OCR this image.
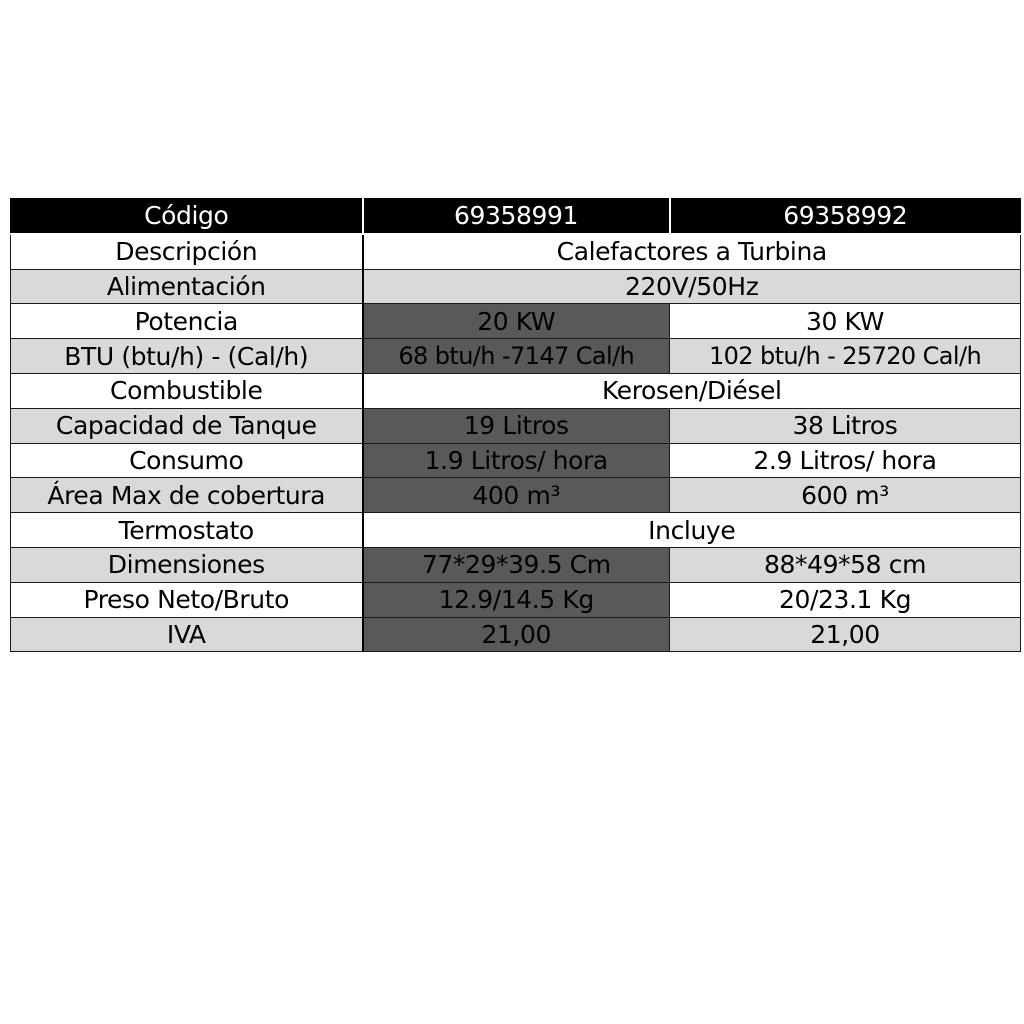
Código	69358991	69358992
Descripción	Calefactores a Turbina	
Alimentación	220V/50Hz	
Potencia	20 KW	30 KW
BTU (btu/h) - (Cal/h)	68 btu/h -7147 Cal/h	102 btu/h - 25720 Cal/h
Combustible	Kerosen/Diésel	
Capacidad de Tanque	19 Litros	38 Litros
Consumo	1.9 Litros/ hora	2.9 Litros/ hora
Área Max de cobertura	400 m³	600 m³
Termostato	Incluye	
Dimensiones	77*29*39.5 Cm	88*49*58 cm
Preso Neto/Bruto	12.9/14.5 Kg	20/23.1 Kg
IVA	21,00	21,00
